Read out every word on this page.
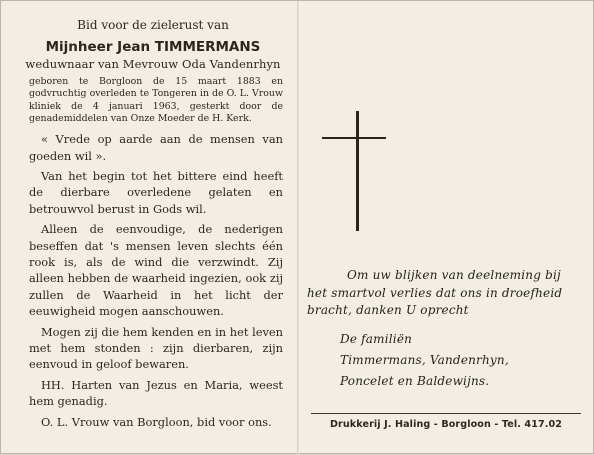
Bid voor de zielerust van
Mijnheer Jean TIMMERMANS
weduwnaar van Mevrouw Oda Vandenrhyn
geboren te Borgloon de 15 maart 1883 en godvruchtig overleden te Tongeren in de O. L. Vrouw kliniek de 4 januari 1963, gesterkt door de genademiddelen van Onze Moeder de H. Kerk.

« Vrede op aarde aan de mensen van goeden wil ».

Van het begin tot het bittere eind heeft de dierbare overledene gelaten en betrouwvol berust in Gods wil.

Alleen de eenvoudige, de nederigen beseffen dat 's mensen leven slechts één rook is, als de wind die verzwindt. Zij alleen hebben de waarheid ingezien, ook zij zullen de Waarheid in het licht der eeuwigheid mogen aanschouwen.

Mogen zij die hem kenden en in het leven met hem stonden : zijn dierbaren, zijn eenvoud in geloof bewaren.

HH. Harten van Jezus en Maria, weest hem genadig.

O. L. Vrouw van Borgloon, bid voor ons.

Om uw blijken van deelneming bij
het smartvol verlies dat ons in droefheid
bracht, danken U oprecht
De familiën
Timmermans, Vandenrhyn,
Poncelet en Baldewijns.
Drukkerij J. Haling - Borgloon - Tel. 417.02
